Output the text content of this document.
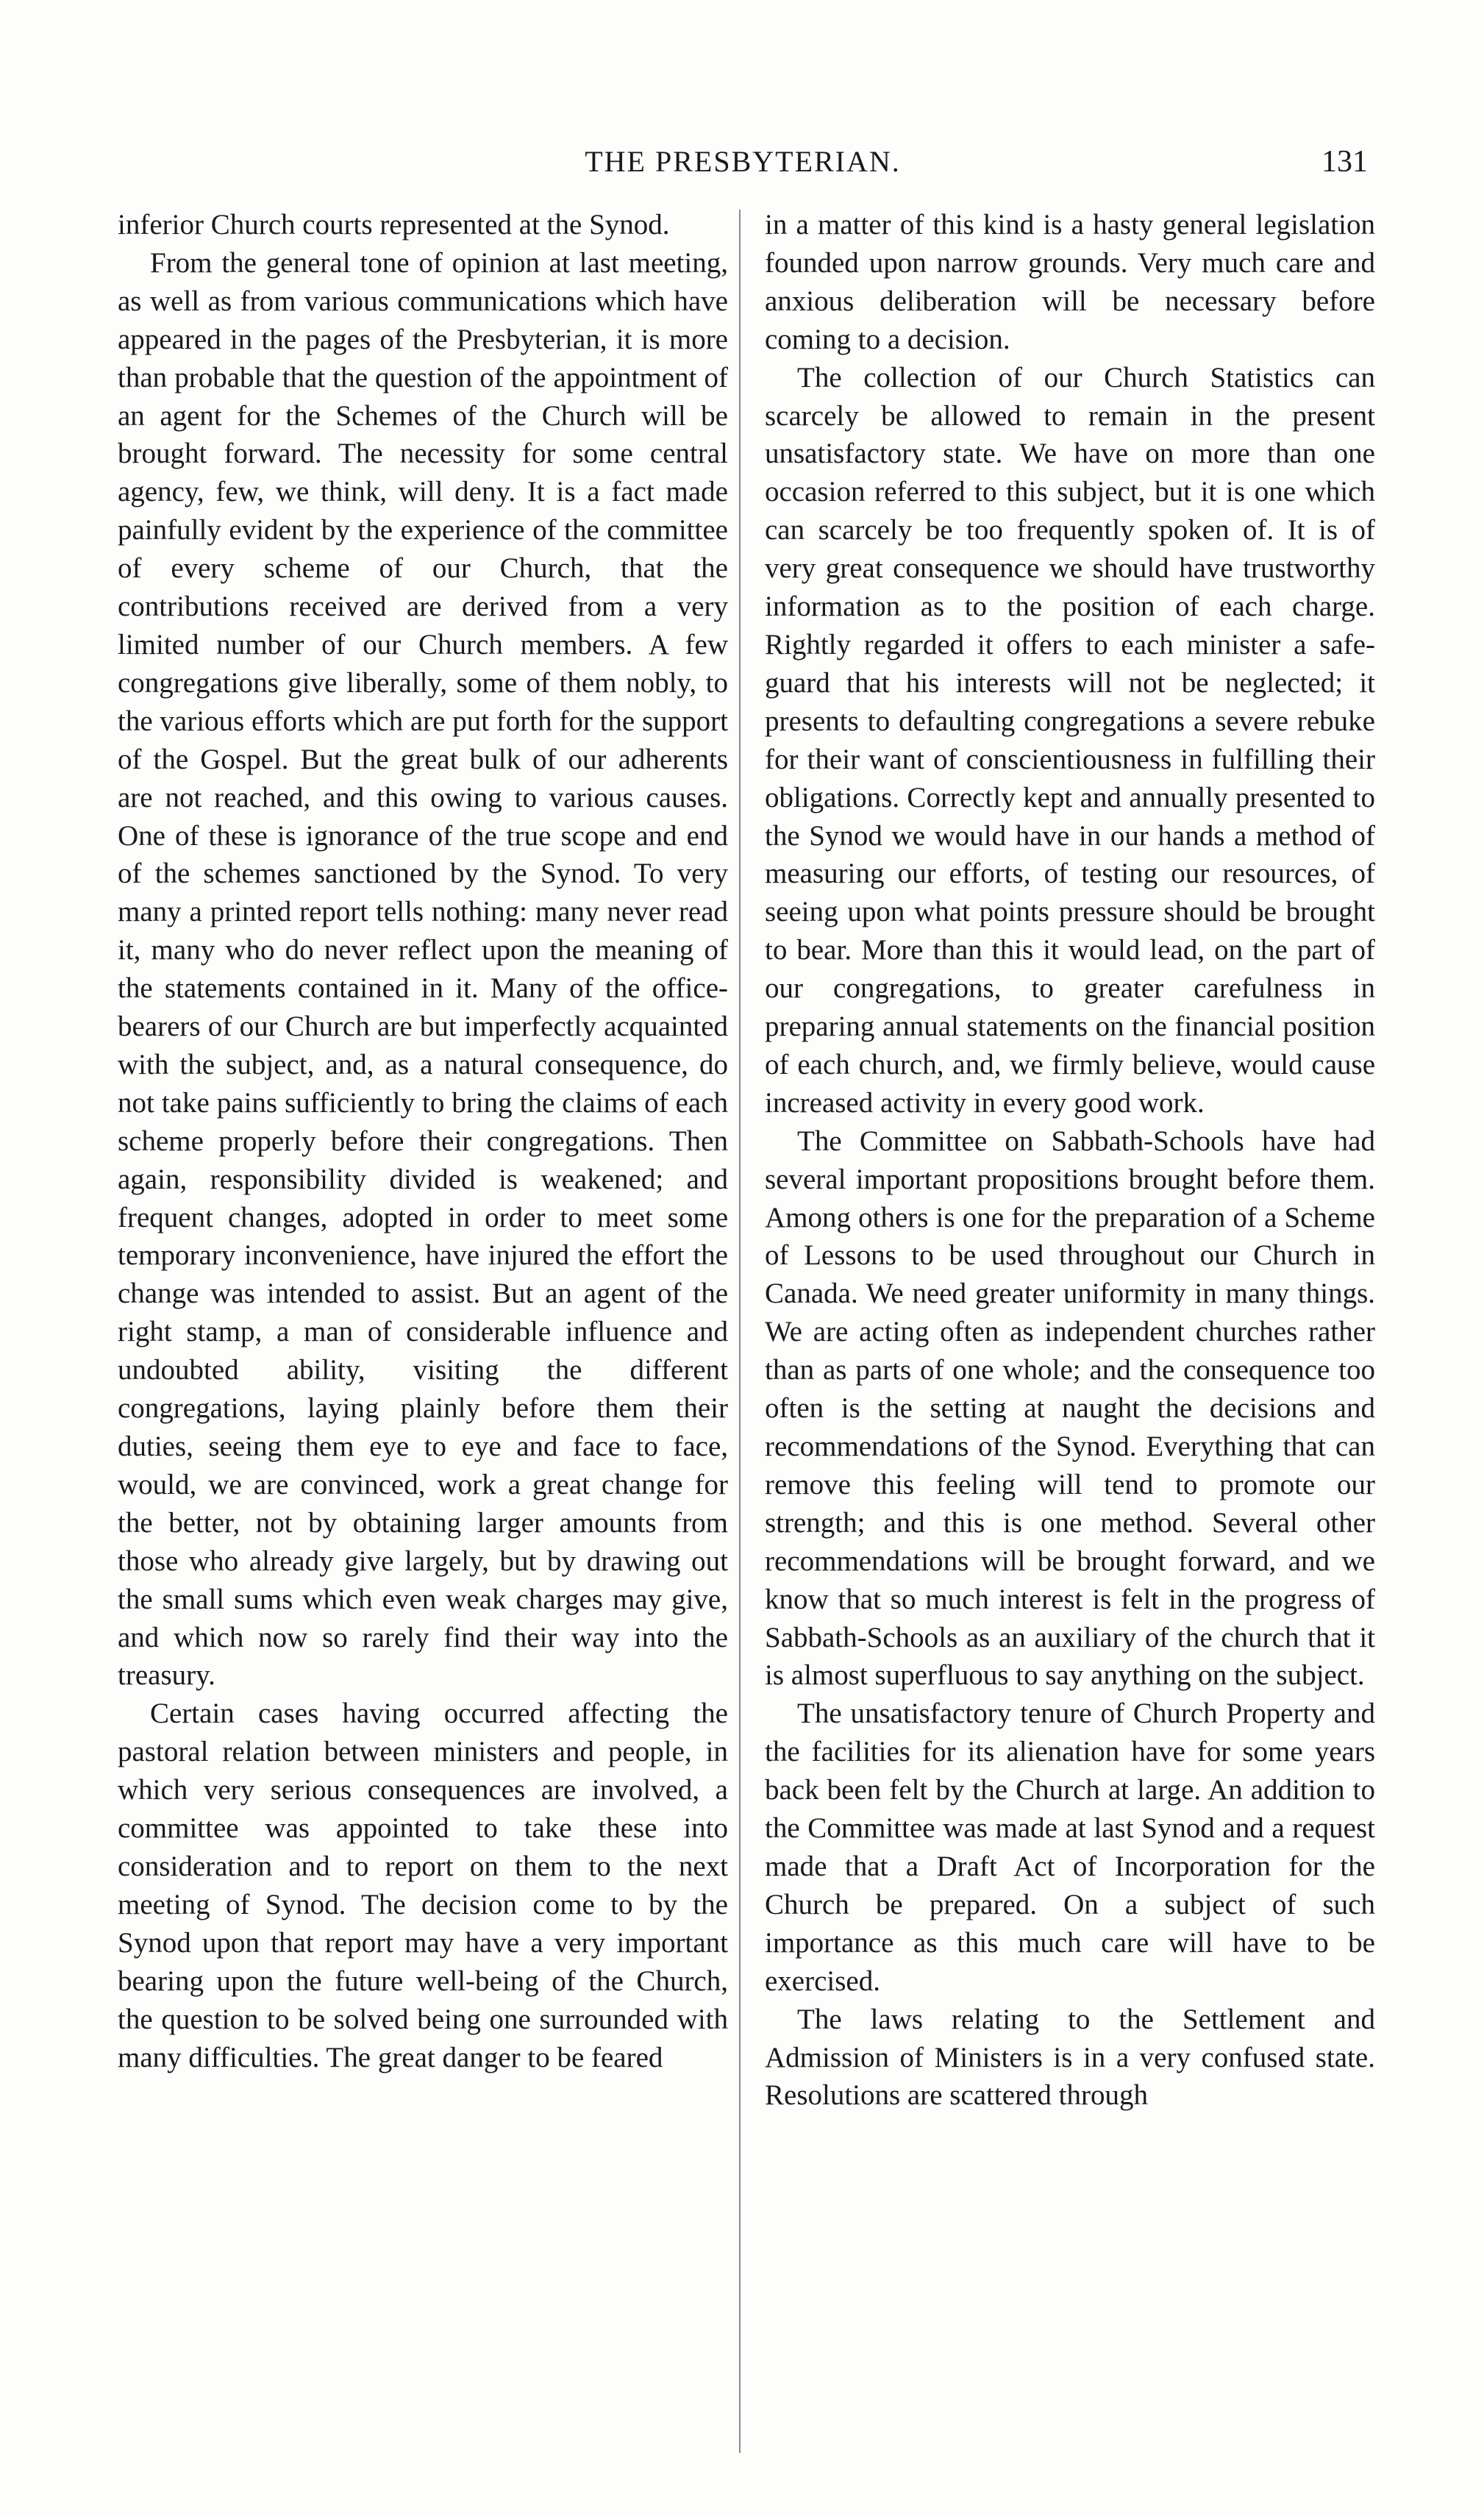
THE PRESBYTERIAN.	131

inferior Church courts represented at the Synod.

From the general tone of opinion at last meeting, as well as from various communications which have appeared in the pages of the Presbyterian, it is more than probable that the question of the appointment of an agent for the Schemes of the Church will be brought forward. The necessity for some central agency, few, we think, will deny. It is a fact made painfully evident by the experience of the committee of every scheme of our Church, that the contributions received are derived from a very limited number of our Church members. A few congregations give liberally, some of them nobly, to the various efforts which are put forth for the support of the Gospel. But the great bulk of our adherents are not reached, and this owing to various causes. One of these is ignorance of the true scope and end of the schemes sanctioned by the Synod. To very many a printed report tells nothing: many never read it, many who do never reflect upon the meaning of the statements contained in it. Many of the office-bearers of our Church are but imperfectly acquainted with the subject, and, as a natural consequence, do not take pains sufficiently to bring the claims of each scheme properly before their congregations. Then again, responsibility divided is weakened; and frequent changes, adopted in order to meet some temporary inconvenience, have injured the effort the change was intended to assist. But an agent of the right stamp, a man of considerable influence and undoubted ability, visiting the different congregations, laying plainly before them their duties, seeing them eye to eye and face to face, would, we are convinced, work a great change for the better, not by obtaining larger amounts from those who already give largely, but by drawing out the small sums which even weak charges may give, and which now so rarely find their way into the treasury.

Certain cases having occurred affecting the pastoral relation between ministers and people, in which very serious consequences are involved, a committee was appointed to take these into consideration and to report on them to the next meeting of Synod. The decision come to by the Synod upon that report may have a very important bearing upon the future well-being of the Church, the question to be solved being one surrounded with many difficulties. The great danger to be feared

in a matter of this kind is a hasty general legislation founded upon narrow grounds. Very much care and anxious deliberation will be necessary before coming to a decision.

The collection of our Church Statistics can scarcely be allowed to remain in the present unsatisfactory state. We have on more than one occasion referred to this subject, but it is one which can scarcely be too frequently spoken of. It is of very great consequence we should have trustworthy information as to the position of each charge. Rightly regarded it offers to each minister a safe-guard that his interests will not be neglected; it presents to defaulting congregations a severe rebuke for their want of conscientiousness in fulfilling their obligations. Correctly kept and annually presented to the Synod we would have in our hands a method of measuring our efforts, of testing our resources, of seeing upon what points pressure should be brought to bear. More than this it would lead, on the part of our congregations, to greater carefulness in preparing annual statements on the financial position of each church, and, we firmly believe, would cause increased activity in every good work.

The Committee on Sabbath-Schools have had several important propositions brought before them. Among others is one for the preparation of a Scheme of Lessons to be used throughout our Church in Canada. We need greater uniformity in many things. We are acting often as independent churches rather than as parts of one whole; and the consequence too often is the setting at naught the decisions and recommendations of the Synod. Everything that can remove this feeling will tend to promote our strength; and this is one method. Several other recommendations will be brought forward, and we know that so much interest is felt in the progress of Sabbath-Schools as an auxiliary of the church that it is almost superfluous to say anything on the subject.

The unsatisfactory tenure of Church Property and the facilities for its alienation have for some years back been felt by the Church at large. An addition to the Committee was made at last Synod and a request made that a Draft Act of Incorporation for the Church be prepared. On a subject of such importance as this much care will have to be exercised.

The laws relating to the Settlement and Admission of Ministers is in a very confused state. Resolutions are scattered through
